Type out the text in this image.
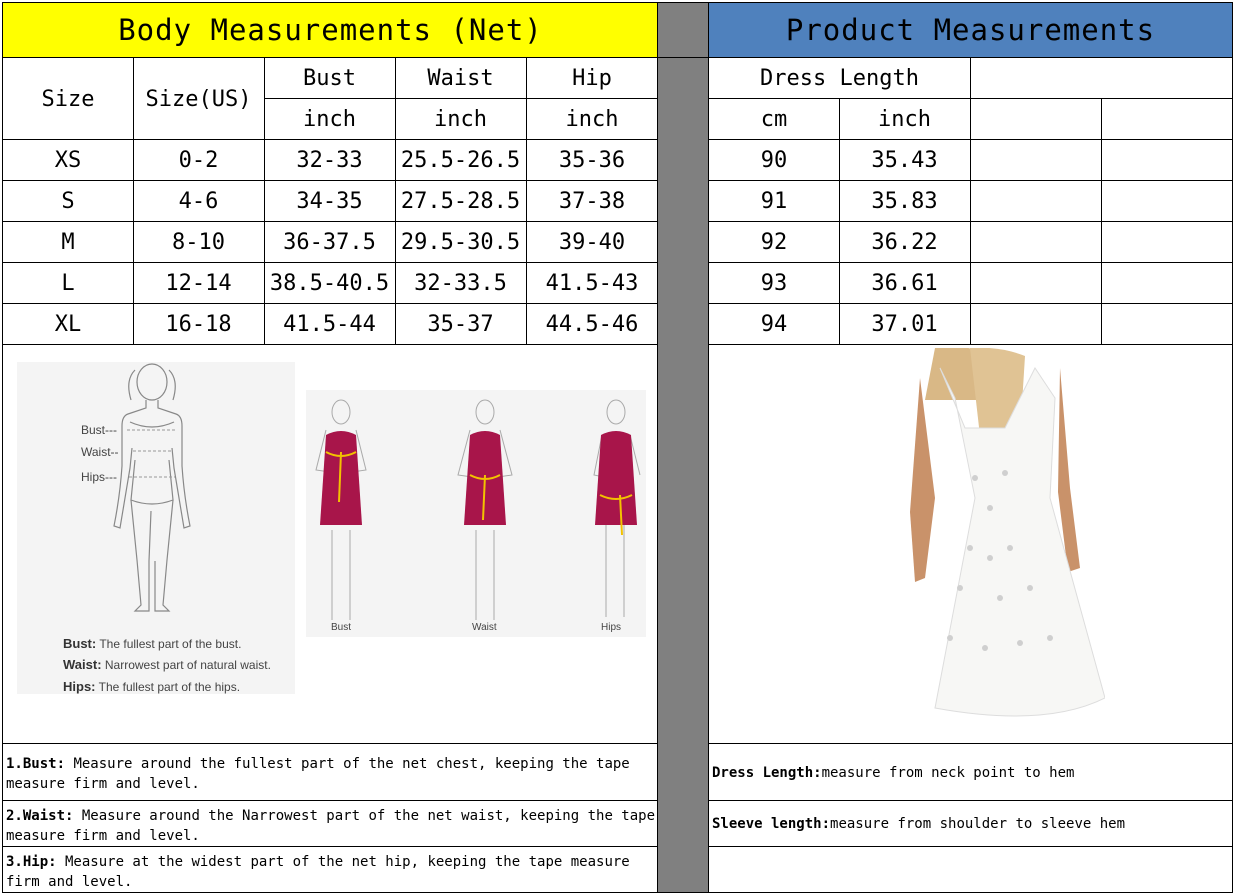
Body Measurements (Net)	Product Measurements
Size	Size(US)
Bust	Waist	Hip
inch	inch	inch
XS	0-2	32-33	25.5-26.5	35-36
S	4-6	34-35	27.5-28.5	37-38
M	8-10	36-37.5	29.5-30.5	39-40
L	12-14	38.5-40.5	32-33.5	41.5-43
XL	16-18	41.5-44	35-37	44.5-46
Dress Length
cm	inch
90	35.43
91	35.83
92	36.22
93	36.61
94	37.01
Bust---
Waist--
Hips---
Bust: The fullest part of the bust.
Waist: Narrowest part of natural waist.
Hips: The fullest part of the hips.
Bust	Waist	Hips
1.Bust: Measure around the fullest part of the net chest, keeping the tape measure firm and level.
2.Waist: Measure around the Narrowest part of the net waist, keeping the tape measure firm and level.
3.Hip: Measure at the widest part of the net hip, keeping the tape measure firm and level.
Dress Length: measure from neck point to hem
Sleeve length: measure from shoulder to sleeve hem
